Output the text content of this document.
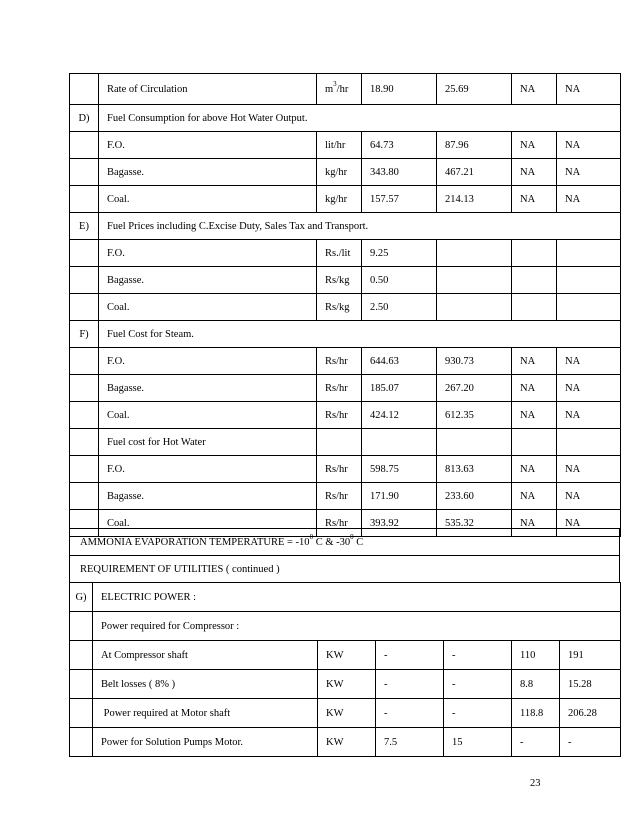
	Rate of Circulation	$m^3/hr$	18.90	25.69	NA	NA
D)	Fuel Consumption for above Hot Water Output.					
	F.O.	lit/hr	64.73	87.96	NA	NA
	Bagasse.	kg/hr	343.80	467.21	NA	NA
	Coal.	kg/hr	157.57	214.13	NA	NA
E)	Fuel Prices including C.Excise Duty, Sales Tax and Transport.					
	F.O.	Rs./lit	9.25			
	Bagasse.	Rs/kg	0.50			
	Coal.	Rs/kg	2.50			
F)	Fuel Cost for Steam.					
	F.O.	Rs/hr	644.63	930.73	NA	NA
	Bagasse.	Rs/hr	185.07	267.20	NA	NA
	Coal.	Rs/hr	424.12	612.35	NA	NA
	Fuel cost for Hot Water					
	F.O.	Rs/hr	598.75	813.63	NA	NA
	Bagasse.	Rs/hr	171.90	233.60	NA	NA
	Coal.	Rs/hr	393.92	535.32	NA	NA
AMMONIA EVAPORATION TEMPERATURE = $-10^0$ C & $-30^0$ C
REQUIREMENT OF UTILITIES ( continued )
G)	ELECTRIC POWER :					
	Power required for Compressor :					
	At Compressor shaft	KW	-	-	110	191
	Belt losses ( 8% )	KW	-	-	8.8	15.28
	Power required at Motor shaft	KW	-	-	118.8	206.28
	Power for Solution Pumps Motor.	KW	7.5	15	-	-
23
